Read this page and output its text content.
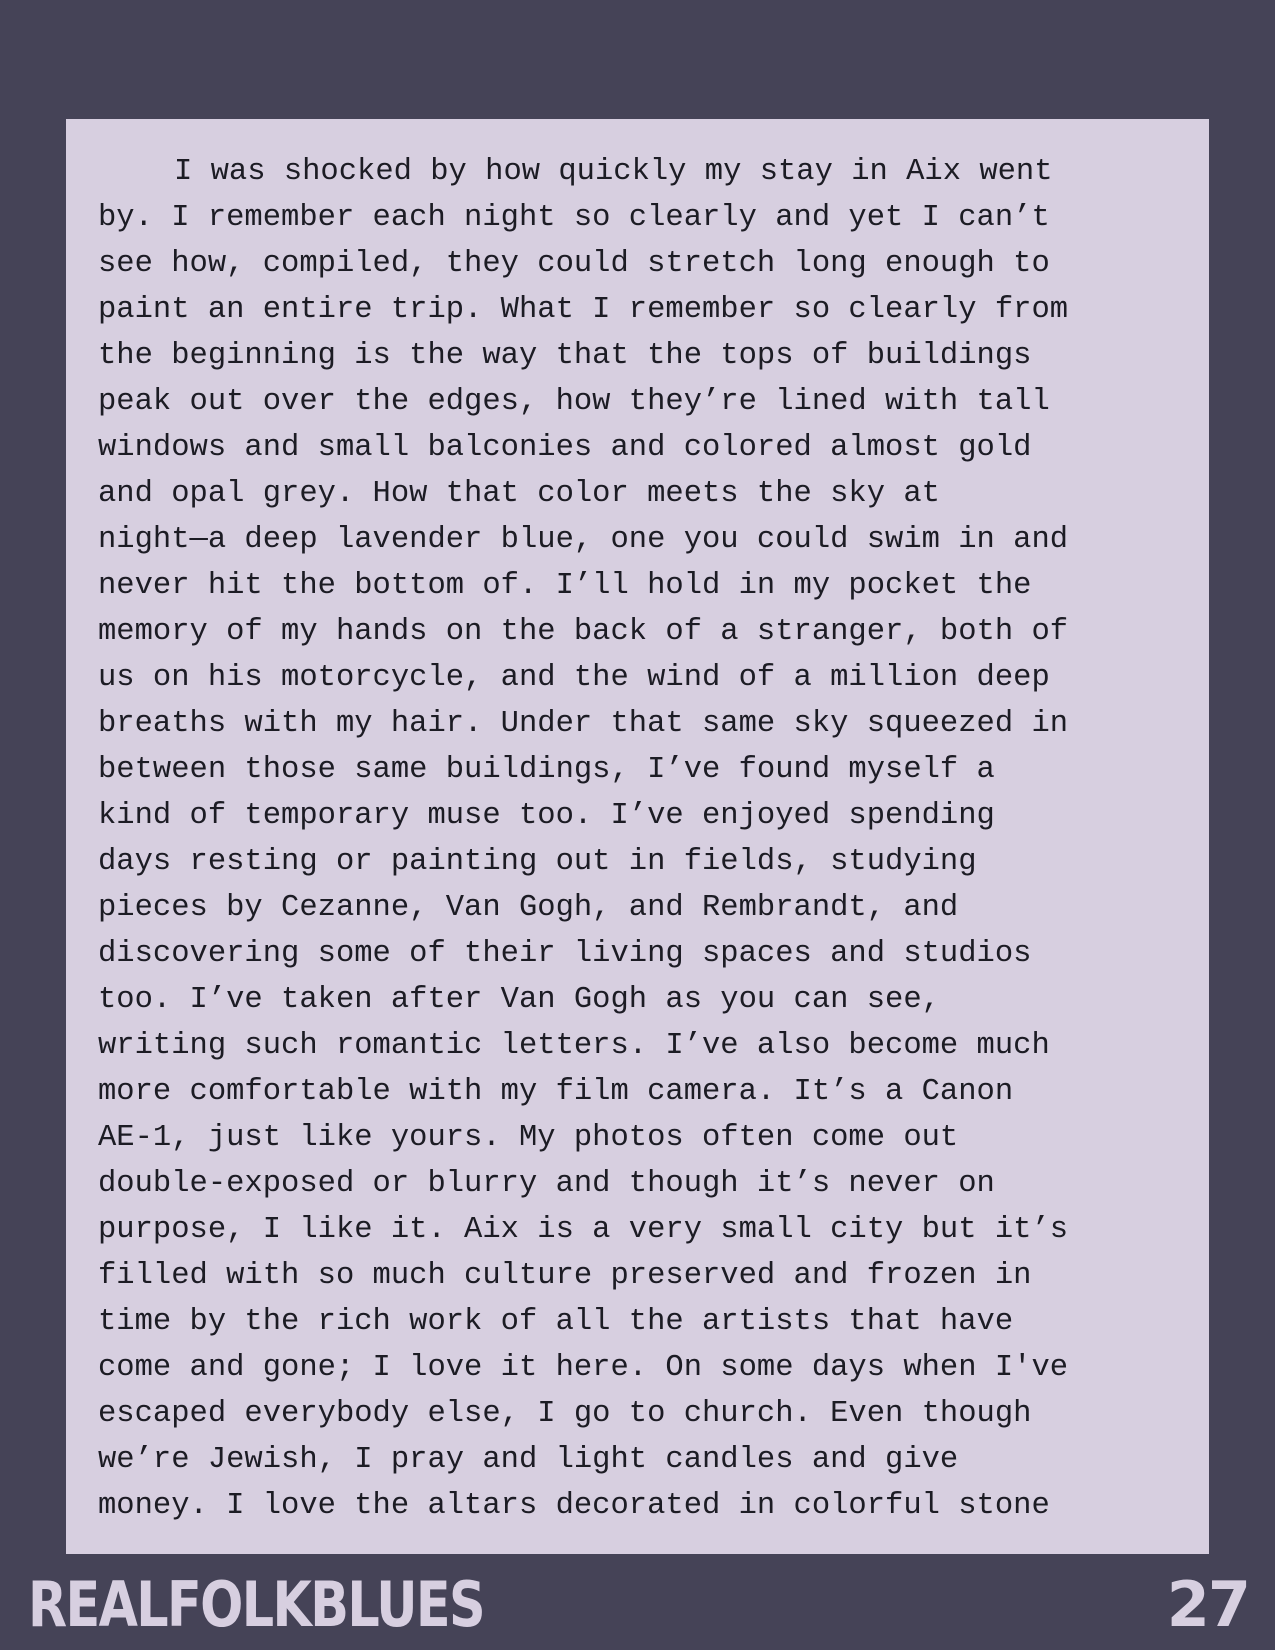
I was shocked by how quickly my stay in Aix went
by. I remember each night so clearly and yet I can’t
see how, compiled, they could stretch long enough to
paint an entire trip. What I remember so clearly from
the beginning is the way that the tops of buildings
peak out over the edges, how they’re lined with tall
windows and small balconies and colored almost gold
and opal grey. How that color meets the sky at
night—a deep lavender blue, one you could swim in and
never hit the bottom of. I’ll hold in my pocket the
memory of my hands on the back of a stranger, both of
us on his motorcycle, and the wind of a million deep
breaths with my hair. Under that same sky squeezed in
between those same buildings, I’ve found myself a
kind of temporary muse too. I’ve enjoyed spending
days resting or painting out in fields, studying
pieces by Cezanne, Van Gogh, and Rembrandt, and
discovering some of their living spaces and studios
too. I’ve taken after Van Gogh as you can see,
writing such romantic letters. I’ve also become much
more comfortable with my film camera. It’s a Canon
AE-1, just like yours. My photos often come out
double-exposed or blurry and though it’s never on
purpose, I like it. Aix is a very small city but it’s
filled with so much culture preserved and frozen in
time by the rich work of all the artists that have
come and gone; I love it here. On some days when I've
escaped everybody else, I go to church. Even though
we’re Jewish, I pray and light candles and give
money. I love the altars decorated in colorful stone

REALFOLKBLUES	27
